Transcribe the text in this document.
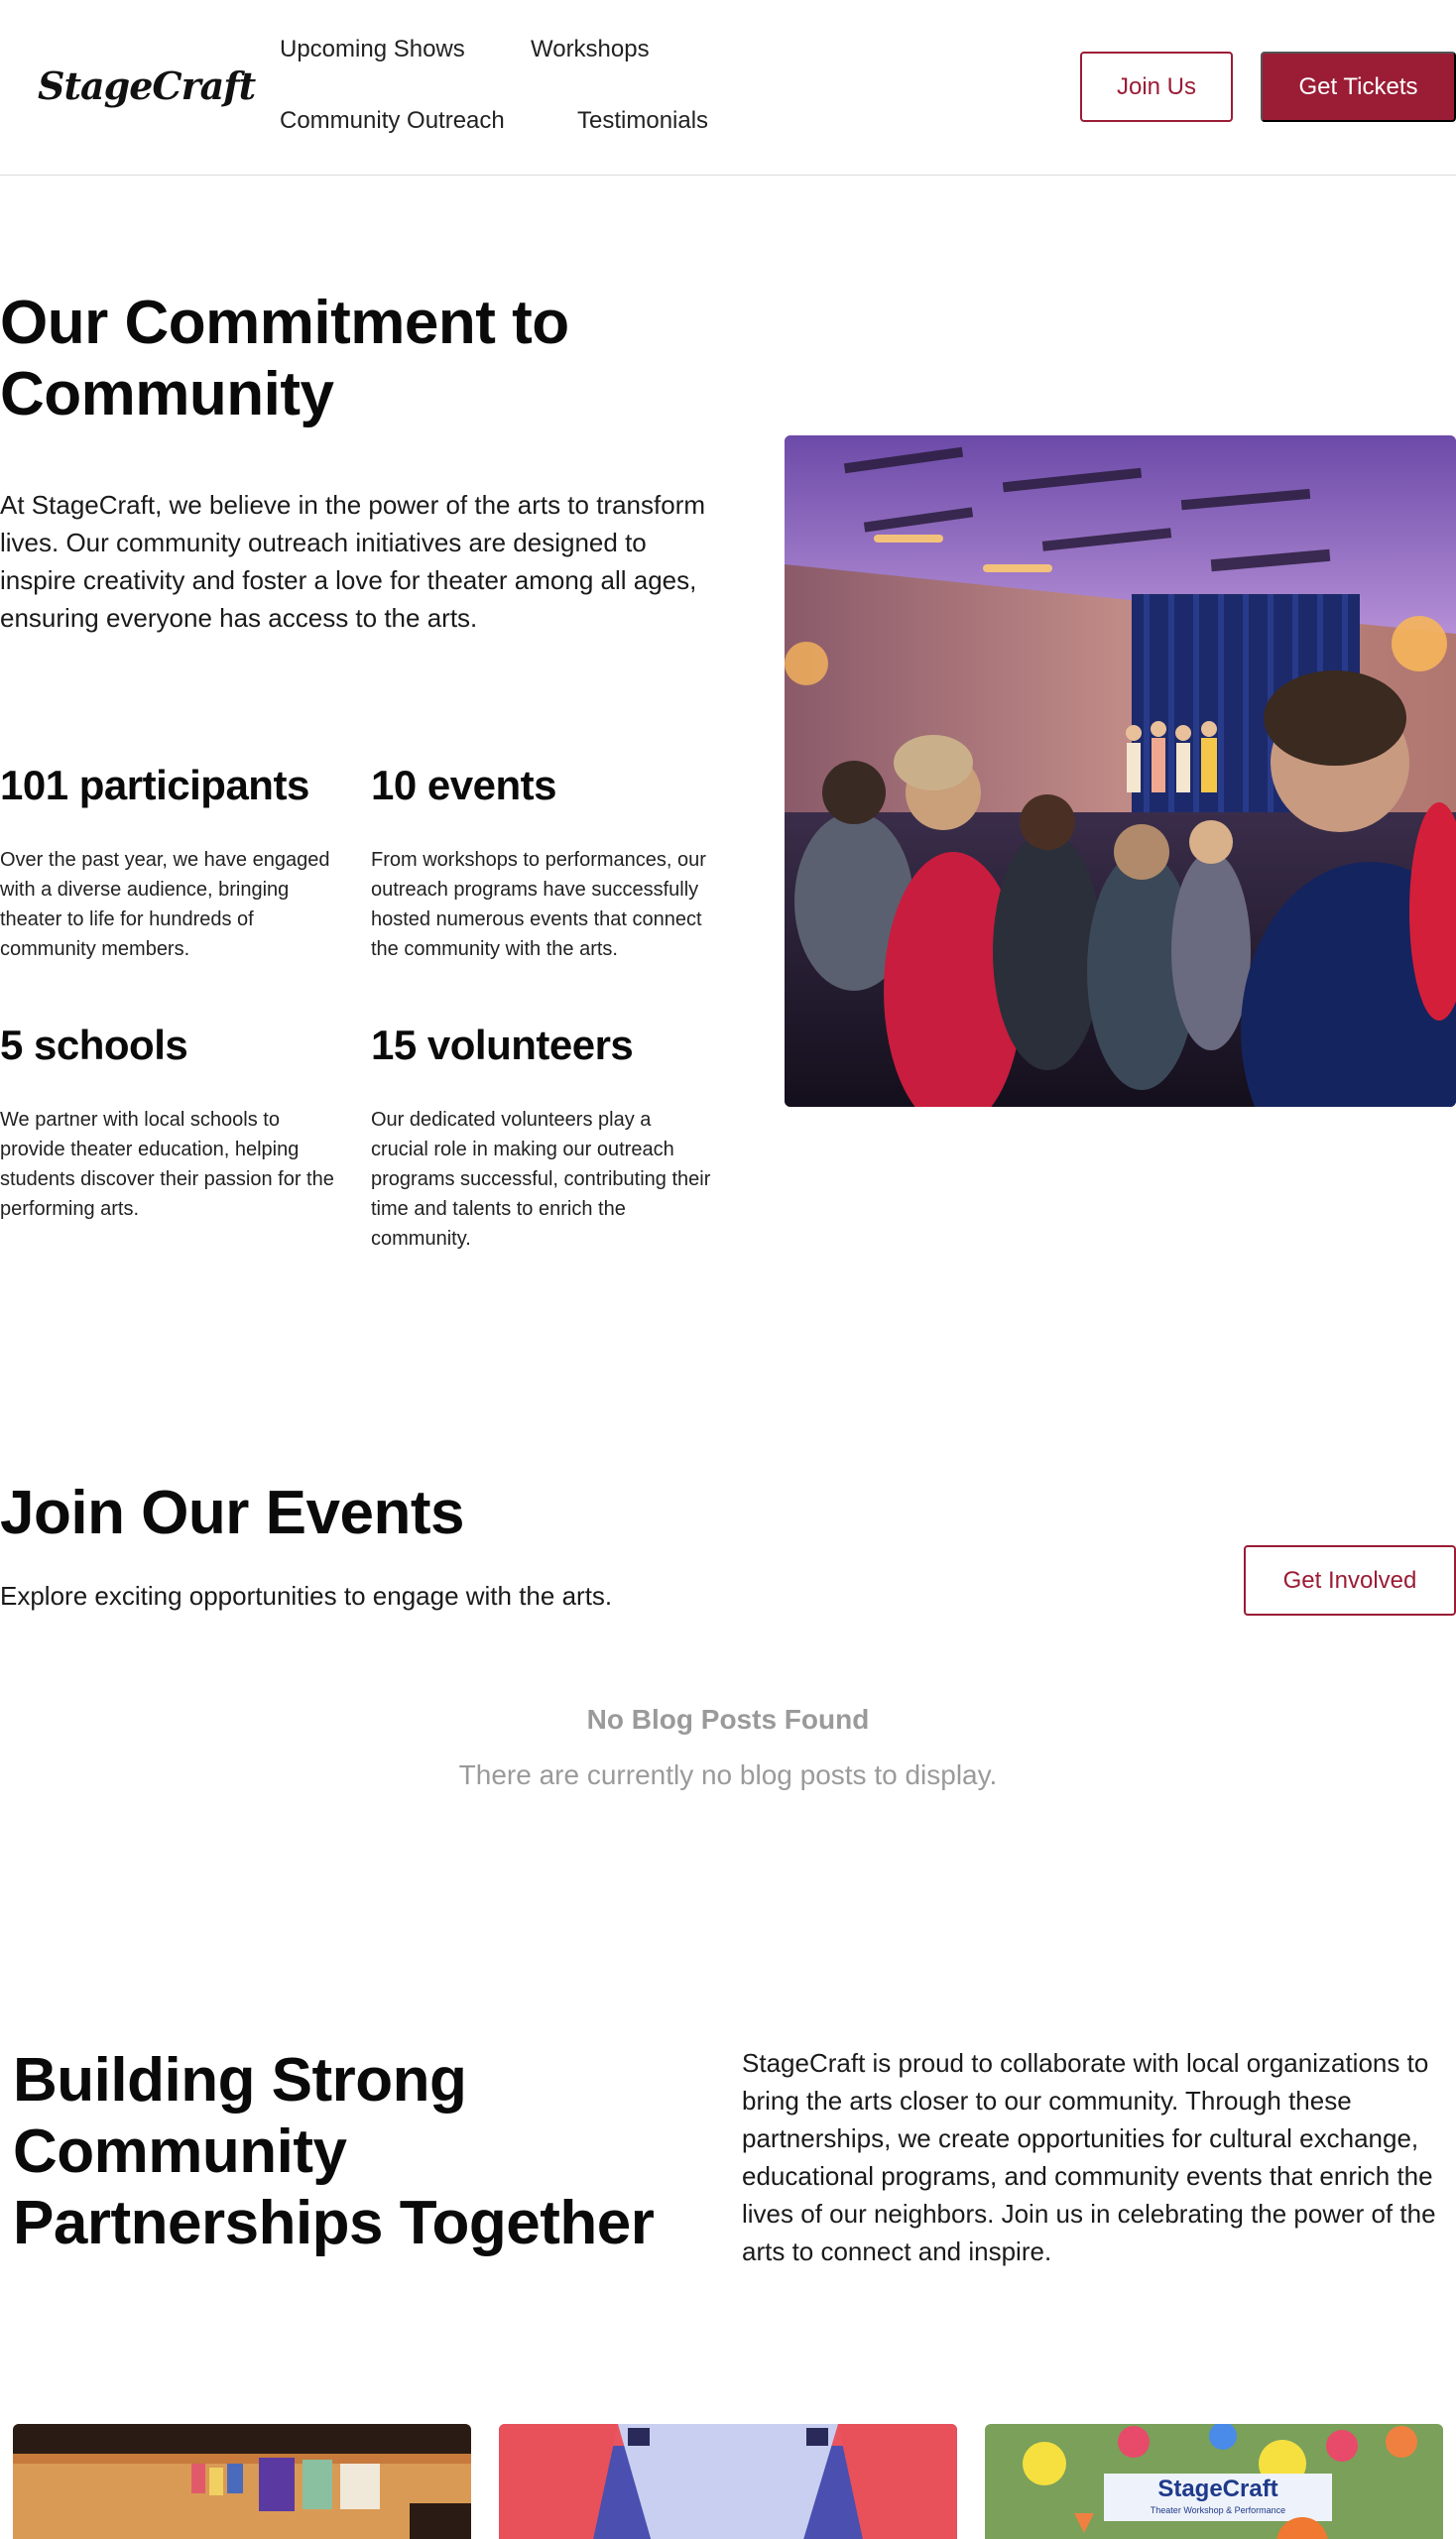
StageCraft
Upcoming Shows	Workshops
Community Outreach	Testimonials
Join Us	Get Tickets
Our Commitment to
Community

At StageCraft, we believe in the power of the arts to transform lives. Our community outreach initiatives are designed to inspire creativity and foster a love for theater among all ages, ensuring everyone has access to the arts.

101 participants

Over the past year, we have engaged with a diverse audience, bringing theater to life for hundreds of community members.

10 events

From workshops to performances, our outreach programs have successfully hosted numerous events that connect the community with the arts.

5 schools

We partner with local schools to provide theater education, helping students discover their passion for the performing arts.

15 volunteers

Our dedicated volunteers play a crucial role in making our outreach programs successful, contributing their time and talents to enrich the community.

Join Our Events

Explore exciting opportunities to engage with the arts.

Get Involved
No Blog Posts Found
There are currently no blog posts to display.
Building Strong
Community
Partnerships Together

StageCraft is proud to collaborate with local organizations to bring the arts closer to our community. Through these partnerships, we create opportunities for cultural exchange, educational programs, and community events that enrich the lives of our neighbors. Join us in celebrating the power of the arts to connect and inspire.

StageCraft
Theater Workshop & Performance
